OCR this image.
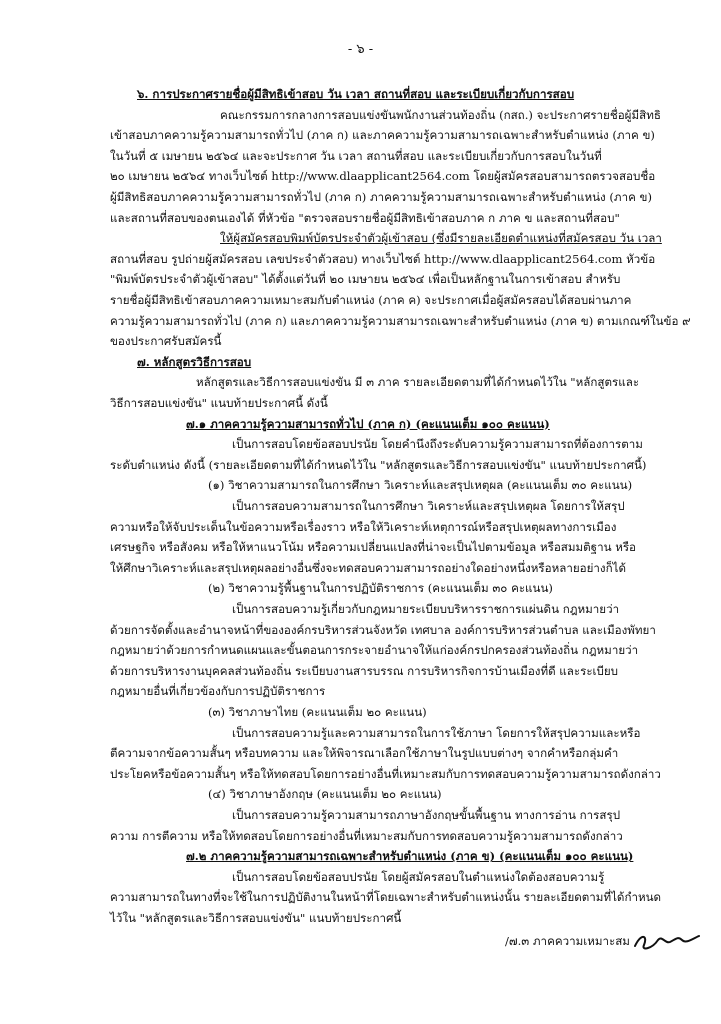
- ๖ -
๖. การประกาศรายชื่อผู้มีสิทธิเข้าสอบ วัน เวลา สถานที่สอบ และระเบียบเกี่ยวกับการสอบ
คณะกรรมการกลางการสอบแข่งขันพนักงานส่วนท้องถิ่น (กสถ.) จะประกาศรายชื่อผู้มีสิทธิ
เข้าสอบภาคความรู้ความสามารถทั่วไป (ภาค ก) และภาคความรู้ความสามารถเฉพาะสำหรับตำแหน่ง (ภาค ข)
ในวันที่ ๕ เมษายน ๒๕๖๔ และจะประกาศ วัน เวลา สถานที่สอบ และระเบียบเกี่ยวกับการสอบในวันที่
๒๐ เมษายน ๒๕๖๔ ทางเว็บไซต์ http://www.dlaapplicant2564.com โดยผู้สมัครสอบสามารถตรวจสอบชื่อ
ผู้มีสิทธิสอบภาคความรู้ความสามารถทั่วไป (ภาค ก) ภาคความรู้ความสามารถเฉพาะสำหรับตำแหน่ง (ภาค ข)
และสถานที่สอบของตนเองได้ ที่หัวข้อ "ตรวจสอบรายชื่อผู้มีสิทธิเข้าสอบภาค ก ภาค ข และสถานที่สอบ"
ให้ผู้สมัครสอบพิมพ์บัตรประจำตัวผู้เข้าสอบ (ซึ่งมีรายละเอียดตำแหน่งที่สมัครสอบ วัน เวลา
สถานที่สอบ รูปถ่ายผู้สมัครสอบ เลขประจำตัวสอบ) ทางเว็บไซต์ http://www.dlaapplicant2564.com หัวข้อ
"พิมพ์บัตรประจำตัวผู้เข้าสอบ" ได้ตั้งแต่วันที่ ๒๐ เมษายน ๒๕๖๔ เพื่อเป็นหลักฐานในการเข้าสอบ สำหรับ
รายชื่อผู้มีสิทธิเข้าสอบภาคความเหมาะสมกับตำแหน่ง (ภาค ค) จะประกาศเมื่อผู้สมัครสอบได้สอบผ่านภาค
ความรู้ความสามารถทั่วไป (ภาค ก) และภาคความรู้ความสามารถเฉพาะสำหรับตำแหน่ง (ภาค ข) ตามเกณฑ์ในข้อ ๙
ของประกาศรับสมัครนี้
๗. หลักสูตรวิธีการสอบ
หลักสูตรและวิธีการสอบแข่งขัน มี ๓ ภาค รายละเอียดตามที่ได้กำหนดไว้ใน "หลักสูตรและ
วิธีการสอบแข่งขัน" แนบท้ายประกาศนี้ ดังนี้
๗.๑ ภาคความรู้ความสามารถทั่วไป (ภาค ก) (คะแนนเต็ม ๑๐๐ คะแนน)
เป็นการสอบโดยข้อสอบปรนัย โดยคำนึงถึงระดับความรู้ความสามารถที่ต้องการตาม
ระดับตำแหน่ง ดังนี้ (รายละเอียดตามที่ได้กำหนดไว้ใน "หลักสูตรและวิธีการสอบแข่งขัน" แนบท้ายประกาศนี้)
(๑) วิชาความสามารถในการศึกษา วิเคราะห์และสรุปเหตุผล (คะแนนเต็ม ๓๐ คะแนน)
เป็นการสอบความสามารถในการศึกษา วิเคราะห์และสรุปเหตุผล โดยการให้สรุป
ความหรือให้จับประเด็นในข้อความหรือเรื่องราว หรือให้วิเคราะห์เหตุการณ์หรือสรุปเหตุผลทางการเมือง
เศรษฐกิจ หรือสังคม หรือให้หาแนวโน้ม หรือความเปลี่ยนแปลงที่น่าจะเป็นไปตามข้อมูล หรือสมมติฐาน หรือ
ให้ศึกษาวิเคราะห์และสรุปเหตุผลอย่างอื่นซึ่งจะทดสอบความสามารถอย่างใดอย่างหนึ่งหรือหลายอย่างก็ได้
(๒) วิชาความรู้พื้นฐานในการปฏิบัติราชการ (คะแนนเต็ม ๓๐ คะแนน)
เป็นการสอบความรู้เกี่ยวกับกฎหมายระเบียบบริหารราชการแผ่นดิน กฎหมายว่า
ด้วยการจัดตั้งและอำนาจหน้าที่ขององค์กรบริหารส่วนจังหวัด เทศบาล องค์การบริหารส่วนตำบล และเมืองพัทยา
กฎหมายว่าด้วยการกำหนดแผนและขั้นตอนการกระจายอำนาจให้แก่องค์กรปกครองส่วนท้องถิ่น กฎหมายว่า
ด้วยการบริหารงานบุคคลส่วนท้องถิ่น ระเบียบงานสารบรรณ การบริหารกิจการบ้านเมืองที่ดี และระเบียบ
กฎหมายอื่นที่เกี่ยวข้องกับการปฏิบัติราชการ
(๓) วิชาภาษาไทย (คะแนนเต็ม ๒๐ คะแนน)
เป็นการสอบความรู้และความสามารถในการใช้ภาษา โดยการให้สรุปความและหรือ
ตีความจากข้อความสั้นๆ หรือบทความ และให้พิจารณาเลือกใช้ภาษาในรูปแบบต่างๆ จากคำหรือกลุ่มคำ
ประโยคหรือข้อความสั้นๆ หรือให้ทดสอบโดยการอย่างอื่นที่เหมาะสมกับการทดสอบความรู้ความสามารถดังกล่าว
(๔) วิชาภาษาอังกฤษ (คะแนนเต็ม ๒๐ คะแนน)
เป็นการสอบความรู้ความสามารถภาษาอังกฤษขั้นพื้นฐาน ทางการอ่าน การสรุป
ความ การตีความ หรือให้ทดสอบโดยการอย่างอื่นที่เหมาะสมกับการทดสอบความรู้ความสามารถดังกล่าว
๗.๒ ภาคความรู้ความสามารถเฉพาะสำหรับตำแหน่ง (ภาค ข) (คะแนนเต็ม ๑๐๐ คะแนน)
เป็นการสอบโดยข้อสอบปรนัย โดยผู้สมัครสอบในตำแหน่งใดต้องสอบความรู้
ความสามารถในทางที่จะใช้ในการปฏิบัติงานในหน้าที่โดยเฉพาะสำหรับตำแหน่งนั้น รายละเอียดตามที่ได้กำหนด
ไว้ใน "หลักสูตรและวิธีการสอบแข่งขัน" แนบท้ายประกาศนี้
/๗.๓ ภาคความเหมาะสม
